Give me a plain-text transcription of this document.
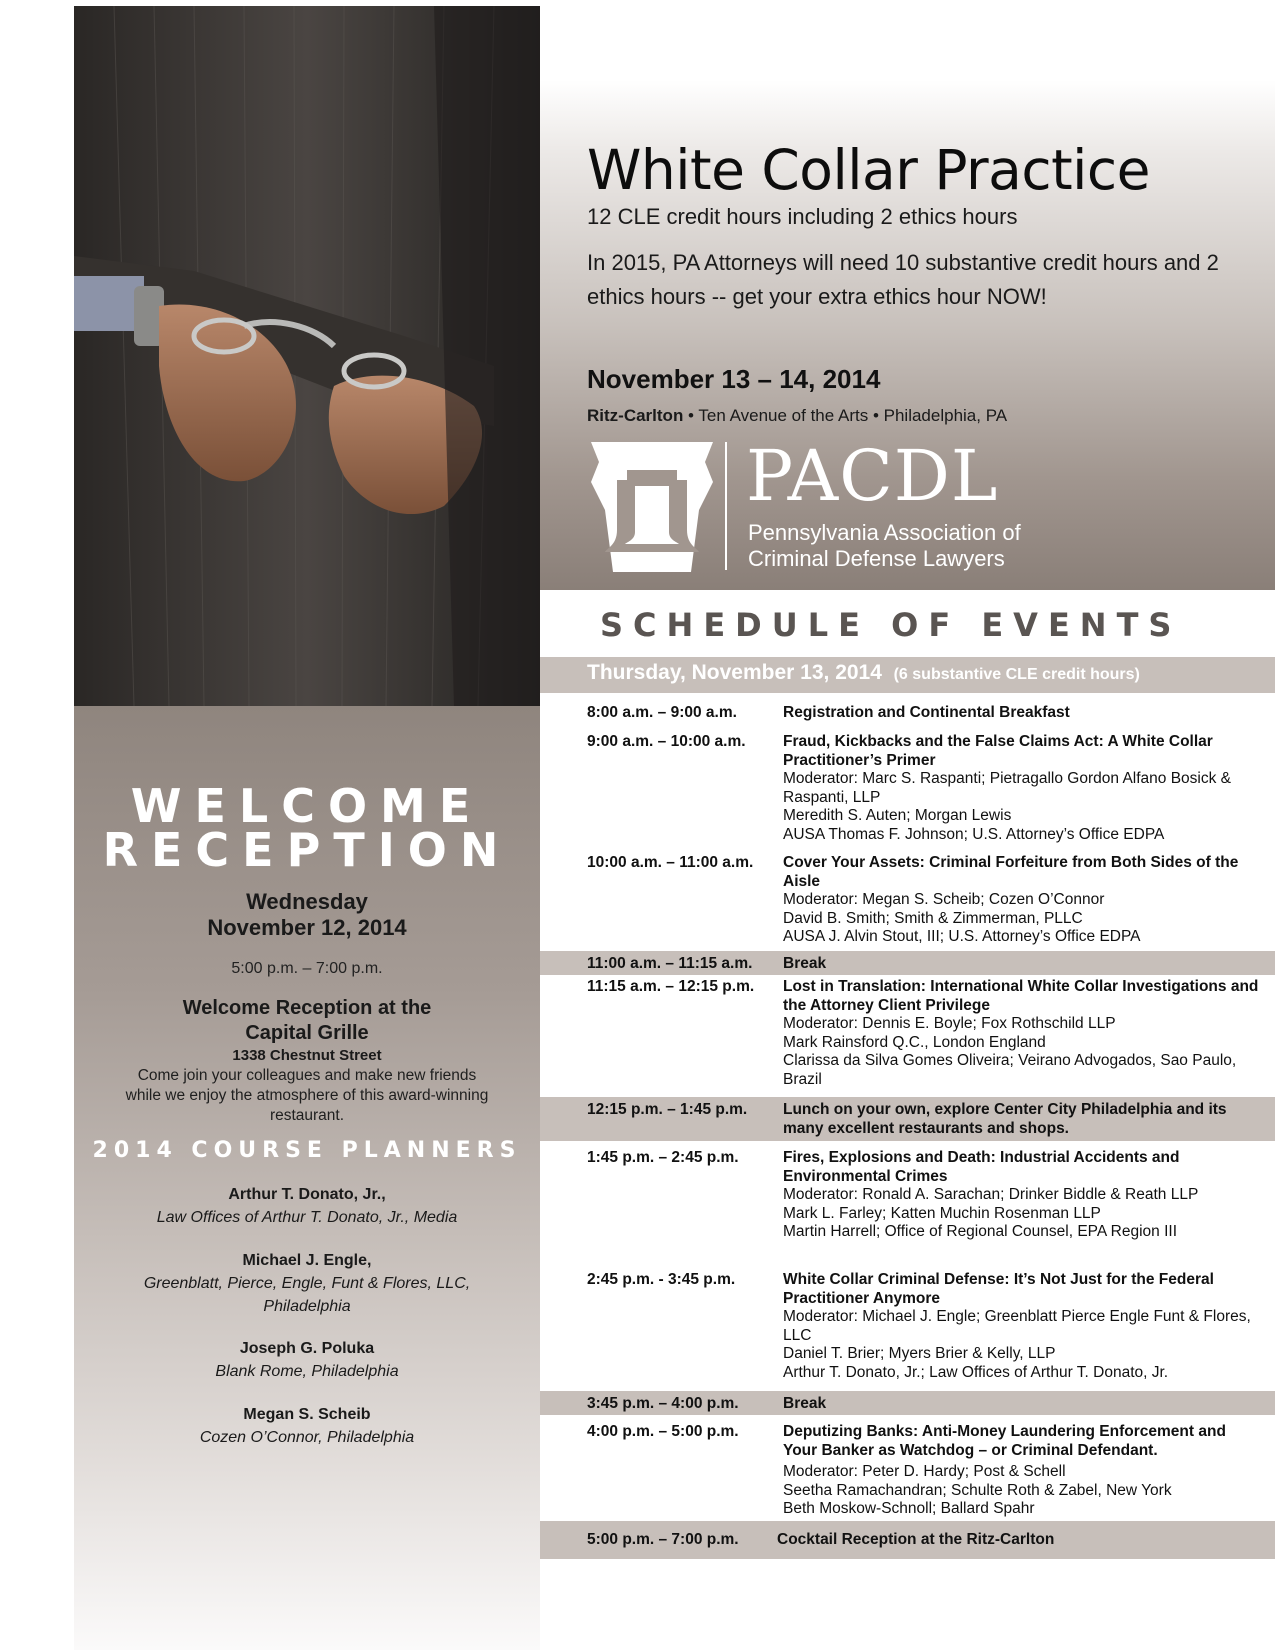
WELCOME
RECEPTION
Wednesday
November 12, 2014
5:00 p.m. – 7:00 p.m.
Welcome Reception at the
Capital Grille
1338 Chestnut Street
Come join your colleagues and make new friends while we enjoy the atmosphere of this award-winning restaurant.
2014 COURSE PLANNERS
Arthur T. Donato, Jr.,
Law Offices of Arthur T. Donato, Jr., Media
Michael J. Engle,
Greenblatt, Pierce, Engle, Funt & Flores, LLC, Philadelphia
Joseph G. Poluka
Blank Rome, Philadelphia
Megan S. Scheib
Cozen O’Connor, Philadelphia
White Collar Practice
12 CLE credit hours including 2 ethics hours
In 2015, PA Attorneys will need 10 substantive credit hours and 2 ethics hours -- get your extra ethics hour NOW!
November 13 – 14, 2014
Ritz-Carlton • Ten Avenue of the Arts • Philadelphia, PA
PACDL
Pennsylvania Association of
Criminal Defense Lawyers
SCHEDULE OF EVENTS
Thursday, November 13, 2014 (6 substantive CLE credit hours)
8:00 a.m. – 9:00 a.m.	Registration and Continental Breakfast
9:00 a.m. – 10:00 a.m.	Fraud, Kickbacks and the False Claims Act: A White Collar Practitioner’s Primer
Moderator: Marc S. Raspanti; Pietragallo Gordon Alfano Bosick & Raspanti, LLP
Meredith S. Auten; Morgan Lewis
AUSA Thomas F. Johnson; U.S. Attorney’s Office EDPA
10:00 a.m. – 11:00 a.m.	Cover Your Assets: Criminal Forfeiture from Both Sides of the Aisle
Moderator: Megan S. Scheib; Cozen O’Connor
David B. Smith; Smith & Zimmerman, PLLC
AUSA J. Alvin Stout, III; U.S. Attorney’s Office EDPA
11:00 a.m. – 11:15 a.m.	Break
11:15 a.m. – 12:15 p.m.	Lost in Translation: International White Collar Investigations and the Attorney Client Privilege
Moderator: Dennis E. Boyle; Fox Rothschild LLP
Mark Rainsford Q.C., London England
Clarissa da Silva Gomes Oliveira; Veirano Advogados, Sao Paulo, Brazil
12:15 p.m. – 1:45 p.m.	Lunch on your own, explore Center City Philadelphia and its many excellent restaurants and shops.
1:45 p.m. – 2:45 p.m.	Fires, Explosions and Death: Industrial Accidents and Environmental Crimes
Moderator: Ronald A. Sarachan; Drinker Biddle & Reath LLP
Mark L. Farley; Katten Muchin Rosenman LLP
Martin Harrell; Office of Regional Counsel, EPA Region III
2:45 p.m. - 3:45 p.m.	White Collar Criminal Defense: It’s Not Just for the Federal Practitioner Anymore
Moderator: Michael J. Engle; Greenblatt Pierce Engle Funt & Flores, LLC
Daniel T. Brier; Myers Brier & Kelly, LLP
Arthur T. Donato, Jr.; Law Offices of Arthur T. Donato, Jr.
3:45 p.m. – 4:00 p.m.	Break
4:00 p.m. – 5:00 p.m.	Deputizing Banks: Anti-Money Laundering Enforcement and Your Banker as Watchdog – or Criminal Defendant.
Moderator: Peter D. Hardy; Post & Schell
Seetha Ramachandran; Schulte Roth & Zabel, New York
Beth Moskow-Schnoll; Ballard Spahr
5:00 p.m. – 7:00 p.m.	Cocktail Reception at the Ritz-Carlton
